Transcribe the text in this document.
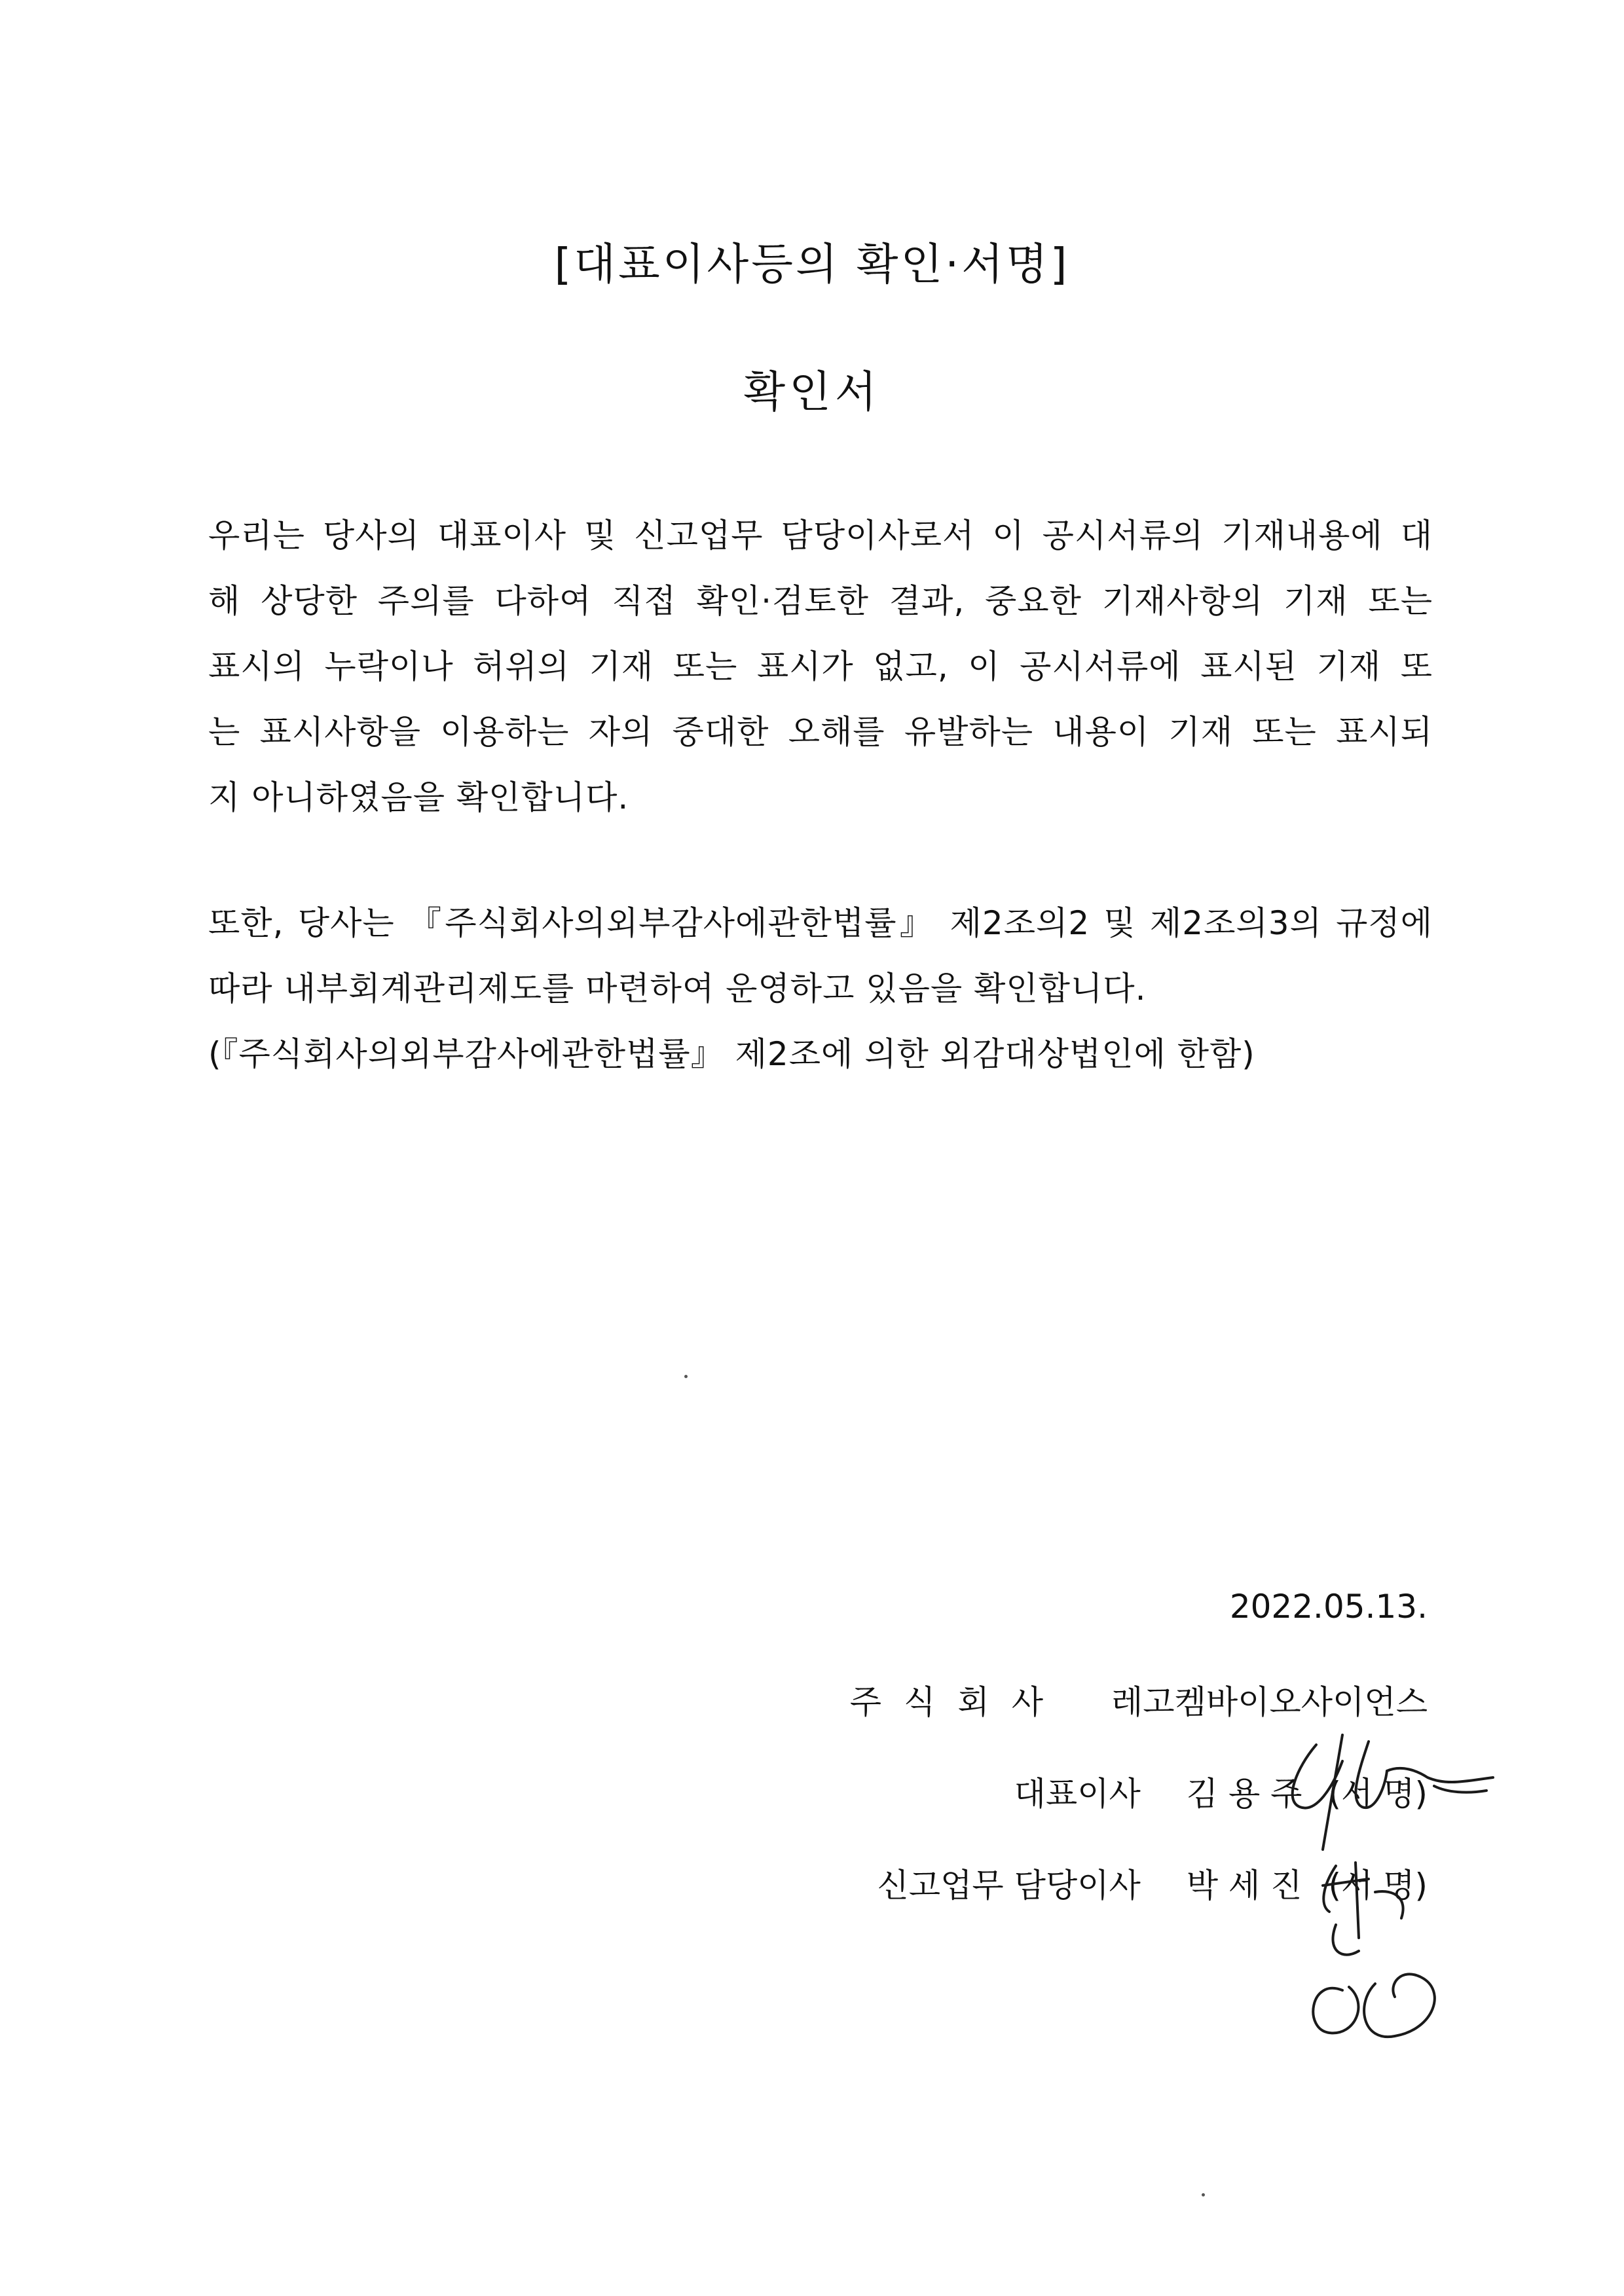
[대표이사등의 확인·서명]
확인서
우리는 당사의 대표이사 및 신고업무 담당이사로서 이 공시서류의 기재내용에 대
해 상당한 주의를 다하여 직접 확인·검토한 결과, 중요한 기재사항의 기재 또는
표시의 누락이나 허위의 기재 또는 표시가 없고, 이 공시서류에 표시된 기재 또
는 표시사항을 이용하는 자의 중대한 오해를 유발하는 내용이 기재 또는 표시되
지 아니하였음을 확인합니다.
또한, 당사는 『주식회사의외부감사에관한법률』 제2조의2 및 제2조의3의 규정에
따라 내부회계관리제도를 마련하여 운영하고 있음을 확인합니다.
(『주식회사의외부감사에관한법률』 제2조에 의한 외감대상법인에 한함)
2022.05.13.
주식회사 레고켐바이오사이언스
대표이사 김 용 주 (서 명)
신고업무 담당이사 박 세 진 (서 명)
